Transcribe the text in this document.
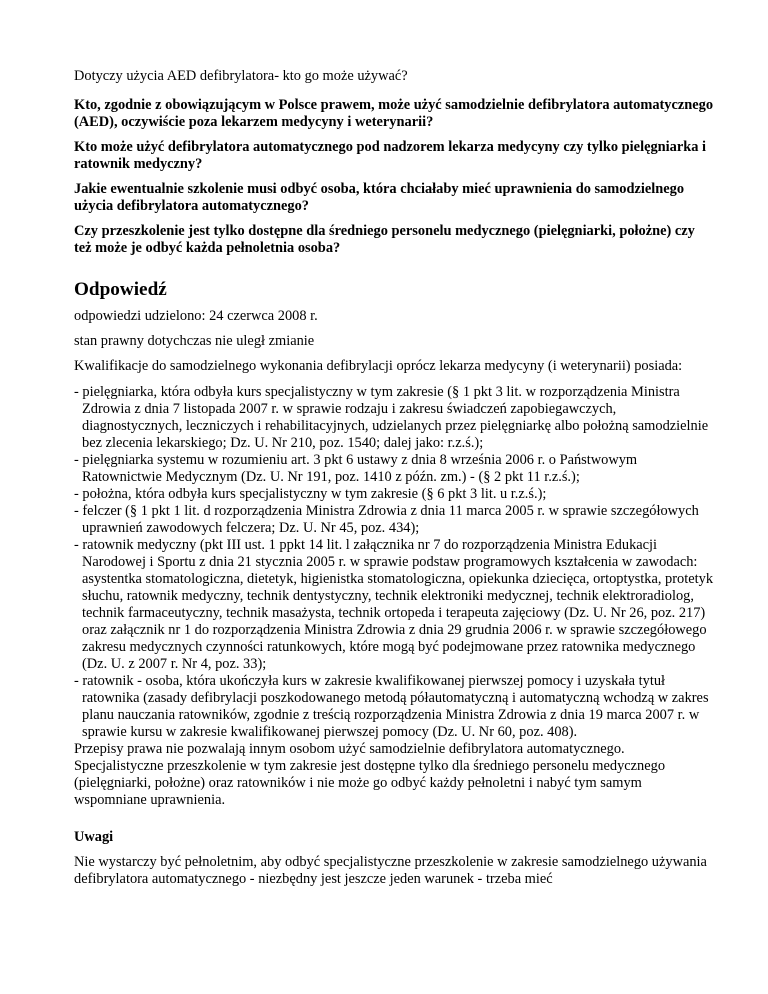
Dotyczy użycia AED defibrylatora- kto go może używać?

Kto, zgodnie z obowiązującym w Polsce prawem, może użyć samodzielnie defibrylatora automatycznego (AED), oczywiście poza lekarzem medycyny i weterynarii?

Kto może użyć defibrylatora automatycznego pod nadzorem lekarza medycyny czy tylko pielęgniarka i ratownik medyczny?

Jakie ewentualnie szkolenie musi odbyć osoba, która chciałaby mieć uprawnienia do samodzielnego użycia defibrylatora automatycznego?

Czy przeszkolenie jest tylko dostępne dla średniego personelu medycznego (pielęgniarki, położne) czy też może je odbyć każda pełnoletnia osoba?

Odpowiedź

odpowiedzi udzielono: 24 czerwca 2008 r.

stan prawny dotychczas nie uległ zmianie

Kwalifikacje do samodzielnego wykonania defibrylacji oprócz lekarza medycyny (i weterynarii) posiada:

- pielęgniarka, która odbyła kurs specjalistyczny w tym zakresie (§ 1 pkt 3 lit. w rozporządzenia Ministra Zdrowia z dnia 7 listopada 2007 r. w sprawie rodzaju i zakresu świadczeń zapobiegawczych, diagnostycznych, leczniczych i rehabilitacyjnych, udzielanych przez pielęgniarkę albo położną samodzielnie bez zlecenia lekarskiego; Dz. U. Nr 210, poz. 1540; dalej jako: r.z.ś.);
- pielęgniarka systemu w rozumieniu art. 3 pkt 6 ustawy z dnia 8 września 2006 r. o Państwowym Ratownictwie Medycznym (Dz. U. Nr 191, poz. 1410 z późn. zm.) - (§ 2 pkt 11 r.z.ś.);
- położna, która odbyła kurs specjalistyczny w tym zakresie (§ 6 pkt 3 lit. u r.z.ś.);
- felczer (§ 1 pkt 1 lit. d rozporządzenia Ministra Zdrowia z dnia 11 marca 2005 r. w sprawie szczegółowych uprawnień zawodowych felczera; Dz. U. Nr 45, poz. 434);
- ratownik medyczny (pkt III ust. 1 ppkt 14 lit. l załącznika nr 7 do rozporządzenia Ministra Edukacji Narodowej i Sportu z dnia 21 stycznia 2005 r. w sprawie podstaw programowych kształcenia w zawodach: asystentka stomatologiczna, dietetyk, higienistka stomatologiczna, opiekunka dziecięca, ortoptystka, protetyk słuchu, ratownik medyczny, technik dentystyczny, technik elektroniki medycznej, technik elektroradiolog, technik farmaceutyczny, technik masażysta, technik ortopeda i terapeuta zajęciowy (Dz. U. Nr 26, poz. 217) oraz załącznik nr 1 do rozporządzenia Ministra Zdrowia z dnia 29 grudnia 2006 r. w sprawie szczegółowego zakresu medycznych czynności ratunkowych, które mogą być podejmowane przez ratownika medycznego (Dz. U. z 2007 r. Nr 4, poz. 33);
- ratownik - osoba, która ukończyła kurs w zakresie kwalifikowanej pierwszej pomocy i uzyskała tytuł ratownika (zasady defibrylacji poszkodowanego metodą półautomatyczną i automatyczną wchodzą w zakres planu nauczania ratowników, zgodnie z treścią rozporządzenia Ministra Zdrowia z dnia 19 marca 2007 r. w sprawie kursu w zakresie kwalifikowanej pierwszej pomocy (Dz. U. Nr 60, poz. 408).
Przepisy prawa nie pozwalają innym osobom użyć samodzielnie defibrylatora automatycznego. Specjalistyczne przeszkolenie w tym zakresie jest dostępne tylko dla średniego personelu medycznego (pielęgniarki, położne) oraz ratowników i nie może go odbyć każdy pełnoletni i nabyć tym samym wspomniane uprawnienia.
Uwagi

Nie wystarczy być pełnoletnim, aby odbyć specjalistyczne przeszkolenie w zakresie samodzielnego używania defibrylatora automatycznego - niezbędny jest jeszcze jeden warunek - trzeba mieć
